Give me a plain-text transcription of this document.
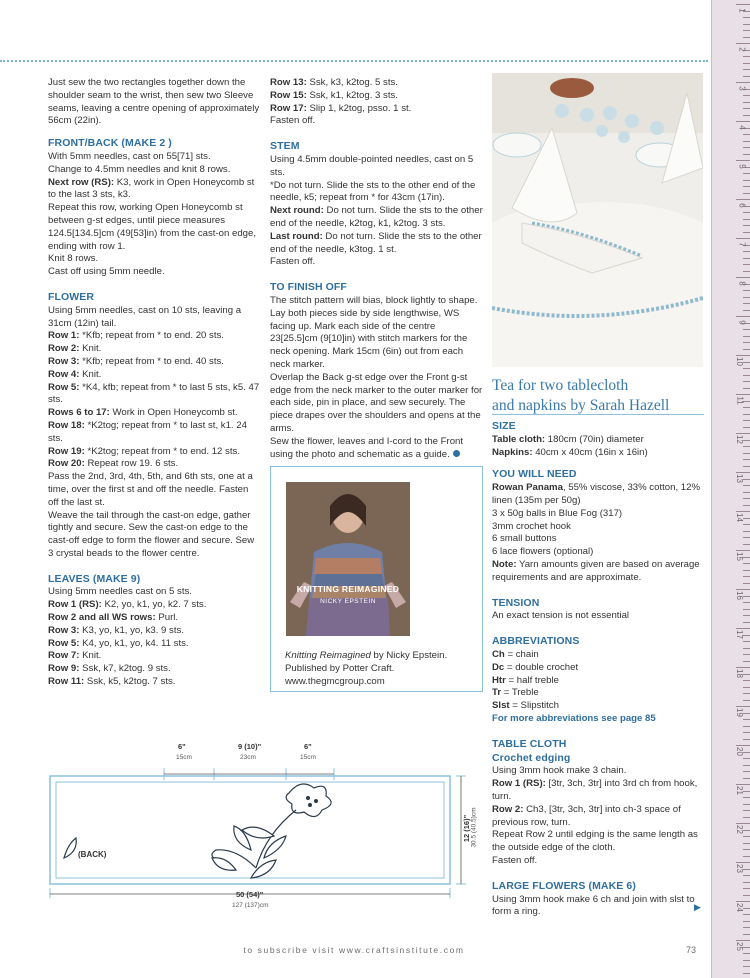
1
2
3
4
5
6
7
8
9
10
11
12
13
14
15
16
17
18
19
20
21
22
23
24
25

Just sew the two rectangles together down the shoulder seam to the wrist, then sew two Sleeve seams, leaving a centre opening of approximately 56cm (22in).

FRONT/BACK (MAKE 2 )
With 5mm needles, cast on 55[71] sts.
Change to 4.5mm needles and knit 8 rows.
Next row (RS): K3, work in Open Honeycomb st to the last 3 sts, k3.
Repeat this row, working Open Honeycomb st between g-st edges, until piece measures 124.5[134.5]cm (49[53]in) from the cast-on edge, ending with row 1.
Knit 8 rows.

Cast off using 5mm needle.

FLOWER
Using 5mm needles, cast on 10 sts, leaving a 31cm (12in) tail.
Row 1: *Kfb; repeat from * to end. 20 sts.
Row 2: Knit.
Row 3: *Kfb; repeat from * to end. 40 sts.
Row 4: Knit.
Row 5: *K4, kfb; repeat from * to last 5 sts, k5. 47 sts.
Rows 6 to 17: Work in Open Honeycomb st.
Row 18: *K2tog; repeat from * to last st, k1. 24 sts.
Row 19: *K2tog; repeat from * to end. 12 sts.
Row 20: Repeat row 19. 6 sts.
Pass the 2nd, 3rd, 4th, 5th, and 6th sts, one at a time, over the first st and off the needle. Fasten off the last st.

Weave the tail through the cast-on edge, gather tightly and secure. Sew the cast-on edge to the cast-off edge to form the flower and secure. Sew 3 crystal beads to the flower centre.

LEAVES (MAKE 9)
Using 5mm needles cast on 5 sts.
Row 1 (RS): K2, yo, k1, yo, k2. 7 sts.
Row 2 and all WS rows: Purl.
Row 3: K3, yo, k1, yo, k3. 9 sts.
Row 5: K4, yo, k1, yo, k4. 11 sts.
Row 7: Knit.
Row 9: Ssk, k7, k2tog. 9 sts.
Row 11: Ssk, k5, k2tog. 7 sts.
Row 13: Ssk, k3, k2tog. 5 sts.
Row 15: Ssk, k1, k2tog. 3 sts.
Row 17: Slip 1, k2tog, psso. 1 st.

Fasten off.

STEM
Using 4.5mm double-pointed needles, cast on 5 sts.
*Do not turn. Slide the sts to the other end of the needle, k5; repeat from * for 43cm (17in).
Next round: Do not turn. Slide the sts to the other end of the needle, k2tog, k1, k2tog. 3 sts.
Last round: Do not turn. Slide the sts to the other end of the needle, k3tog. 1 st.

Fasten off.

TO FINISH OFF
The stitch pattern will bias, block lightly to shape. Lay both pieces side by side lengthwise, WS facing up. Mark each side of the centre 23[25.5]cm (9[10]in) with stitch markers for the neck opening. Mark 15cm (6in) out from each neck marker.
Overlap the Back g-st edge over the Front g-st edge from the neck marker to the outer marker for each side, pin in place, and sew securely. The piece drapes over the shoulders and opens at the arms.
Sew the flower, leaves and I-cord to the Front using the photo and schematic as a guide.
KNITTING REIMAGINED
NICKY EPSTEIN
Knitting Reimagined by Nicky Epstein.
Published by Potter Craft.
www.thegmcgroup.com
Tea for two tablecloth
and napkins by Sarah Hazell
SIZE
Table cloth: 180cm (70in) diameter

Napkins: 40cm x 40cm (16in x 16in)

YOU WILL NEED
Rowan Panama, 55% viscose, 33% cotton, 12% linen (135m per 50g)
3 x 50g balls in Blue Fog (317)
3mm crochet hook
6 small buttons
6 lace flowers (optional)

Note: Yarn amounts given are based on average requirements and are approximate.

TENSION

An exact tension is not essential

ABBREVIATIONS
Ch = chain
Dc = double crochet
Htr = half treble
Tr = Treble
Slst = Slipstitch

For more abbreviations see page 85

TABLE CLOTH
Crochet edging
Using 3mm hook make 3 chain.
Row 1 (RS): [3tr, 3ch, 3tr] into 3rd ch from hook, turn.
Row 2: Ch3, [3tr, 3ch, 3tr] into ch-3 space of previous row, turn.
Repeat Row 2 until edging is the same length as the outside edge of the cloth.

Fasten off.

LARGE FLOWERS (MAKE 6)
Using 3mm hook make 6 ch and join with slst to form a ring.	▶
6"
15cm
9 (10)"
23cm
6"
15cm
50 (54)"
127 (137)cm
12 (16)" 30.5 (40.5)cm
(BACK)
to subscribe visit www.craftsinstitute.com	73
